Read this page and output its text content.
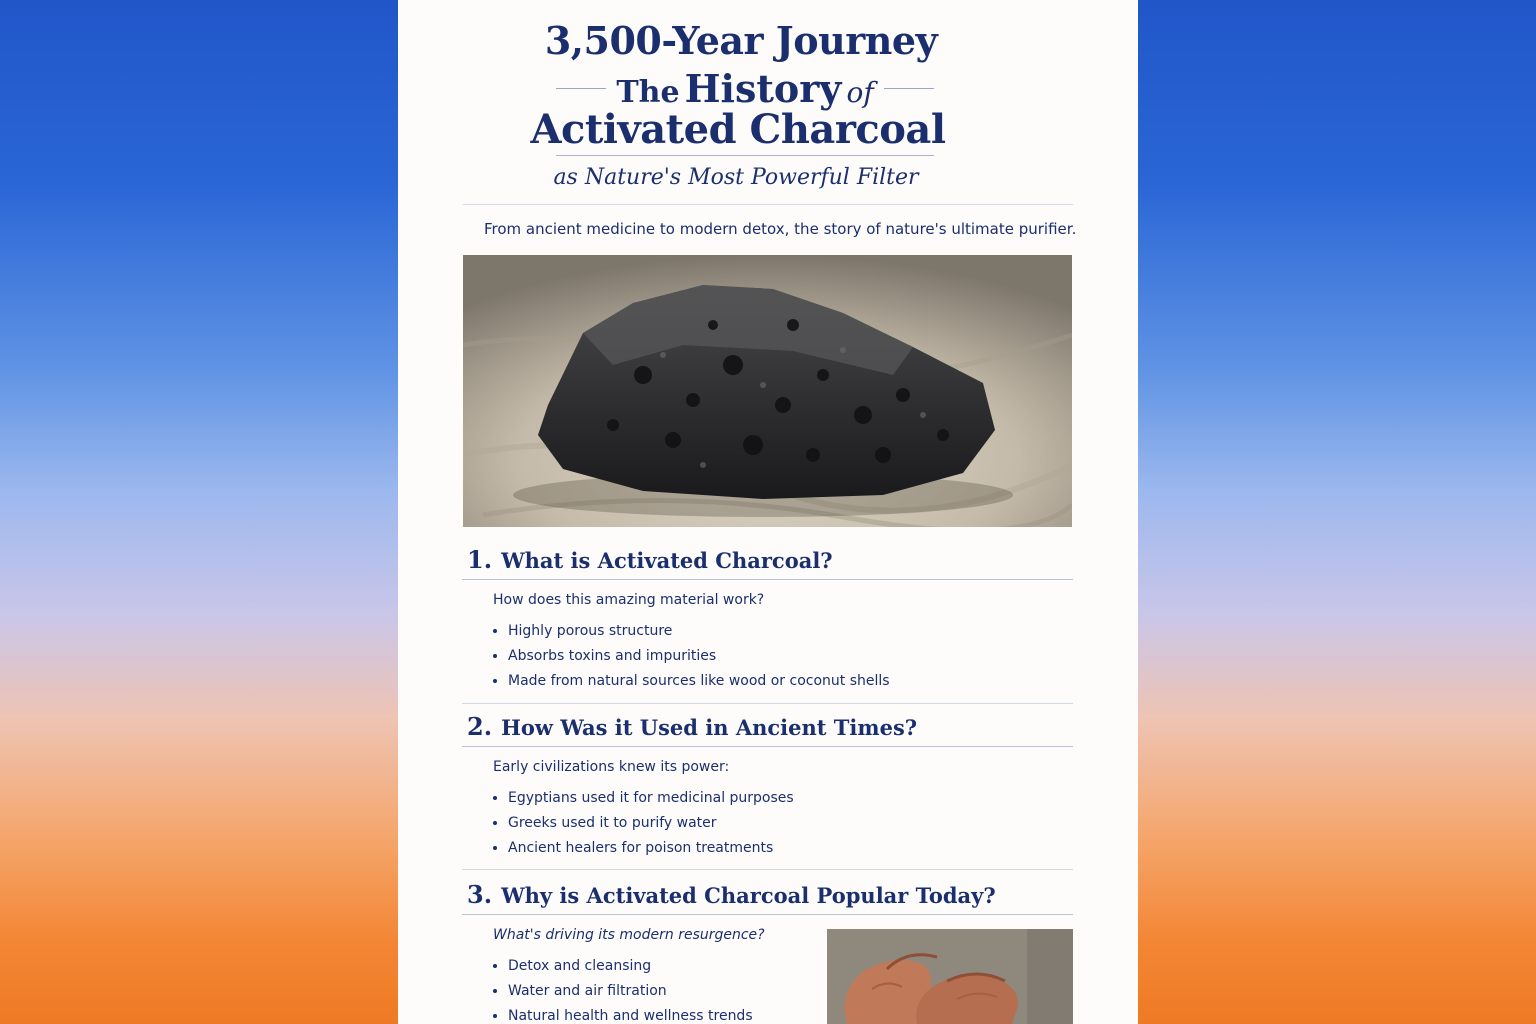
3,500-Year Journey
The History of
Activated Charcoal
as Nature's Most Powerful Filter
From ancient medicine to modern detox, the story of nature's ultimate purifier.
1. What is Activated Charcoal?
How does this amazing material work?
Highly porous structure
Absorbs toxins and impurities
Made from natural sources like wood or coconut shells
2. How Was it Used in Ancient Times?
Early civilizations knew its power:
Egyptians used it for medicinal purposes
Greeks used it to purify water
Ancient healers for poison treatments
3. Why is Activated Charcoal Popular Today?
What's driving its modern resurgence?
Detox and cleansing
Water and air filtration
Natural health and wellness trends
